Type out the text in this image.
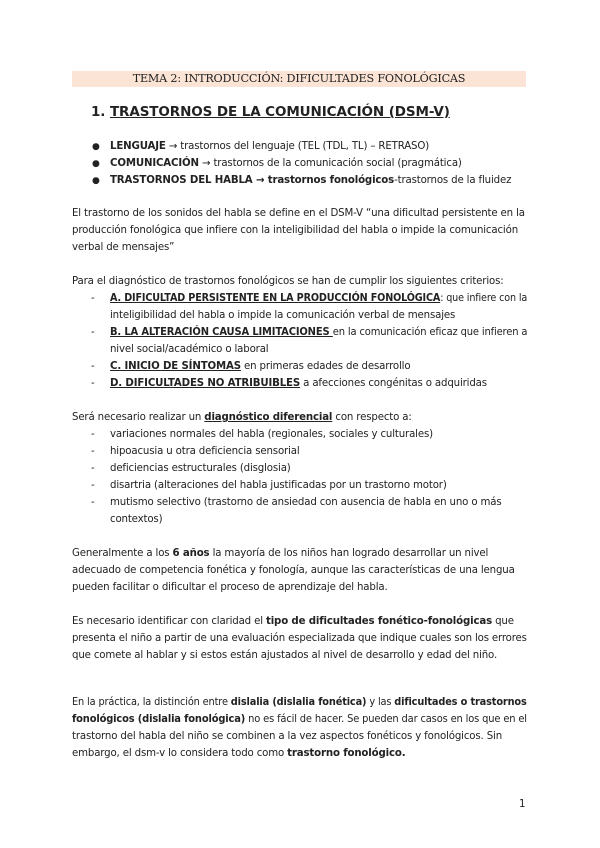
TEMA 2: INTRODUCCIÓN: DIFICULTADES FONOLÓGICAS
1. TRASTORNOS DE LA COMUNICACIÓN (DSM-V)
● LENGUAJE → trastornos del lenguaje (TEL (TDL, TL) – RETRASO)
● COMUNICACIÓN → trastornos de la comunicación social (pragmática)
● TRASTORNOS DEL HABLA → trastornos fonológicos-trastornos de la fluidez
El trastorno de los sonidos del habla se define en el DSM-V “una dificultad persistente en la
producción fonológica que infiere con la inteligibilidad del habla o impide la comunicación
verbal de mensajes”
Para el diagnóstico de trastornos fonológicos se han de cumplir los siguientes criterios:
- A. DIFICULTAD PERSISTENTE EN LA PRODUCCIÓN FONOLÓGICA: que infiere con la
inteligibilidad del habla o impide la comunicación verbal de mensajes
- B. LA ALTERACIÓN CAUSA LIMITACIONES en la comunicación eficaz que infieren a
nivel social/académico o laboral
- C. INICIO DE SÍNTOMAS en primeras edades de desarrollo
- D. DIFICULTADES NO ATRIBUIBLES a afecciones congénitas o adquiridas
Será necesario realizar un diagnóstico diferencial con respecto a:
- variaciones normales del habla (regionales, sociales y culturales)
- hipoacusia u otra deficiencia sensorial
- deficiencias estructurales (disglosia)
- disartria (alteraciones del habla justificadas por un trastorno motor)
- mutismo selectivo (trastorno de ansiedad con ausencia de habla en uno o más
contextos)
Generalmente a los 6 años la mayoría de los niños han logrado desarrollar un nivel
adecuado de competencia fonética y fonología, aunque las características de una lengua
pueden facilitar o dificultar el proceso de aprendizaje del habla.
Es necesario identificar con claridad el tipo de dificultades fonético-fonológicas que
presenta el niño a partir de una evaluación especializada que indique cuales son los errores
que comete al hablar y si estos están ajustados al nivel de desarrollo y edad del niño.
En la práctica, la distinción entre dislalia (dislalia fonética) y las dificultades o trastornos
fonológicos (dislalia fonológica) no es fácil de hacer. Se pueden dar casos en los que en el
trastorno del habla del niño se combinen a la vez aspectos fonéticos y fonológicos. Sin
embargo, el dsm-v lo considera todo como trastorno fonológico.
1
